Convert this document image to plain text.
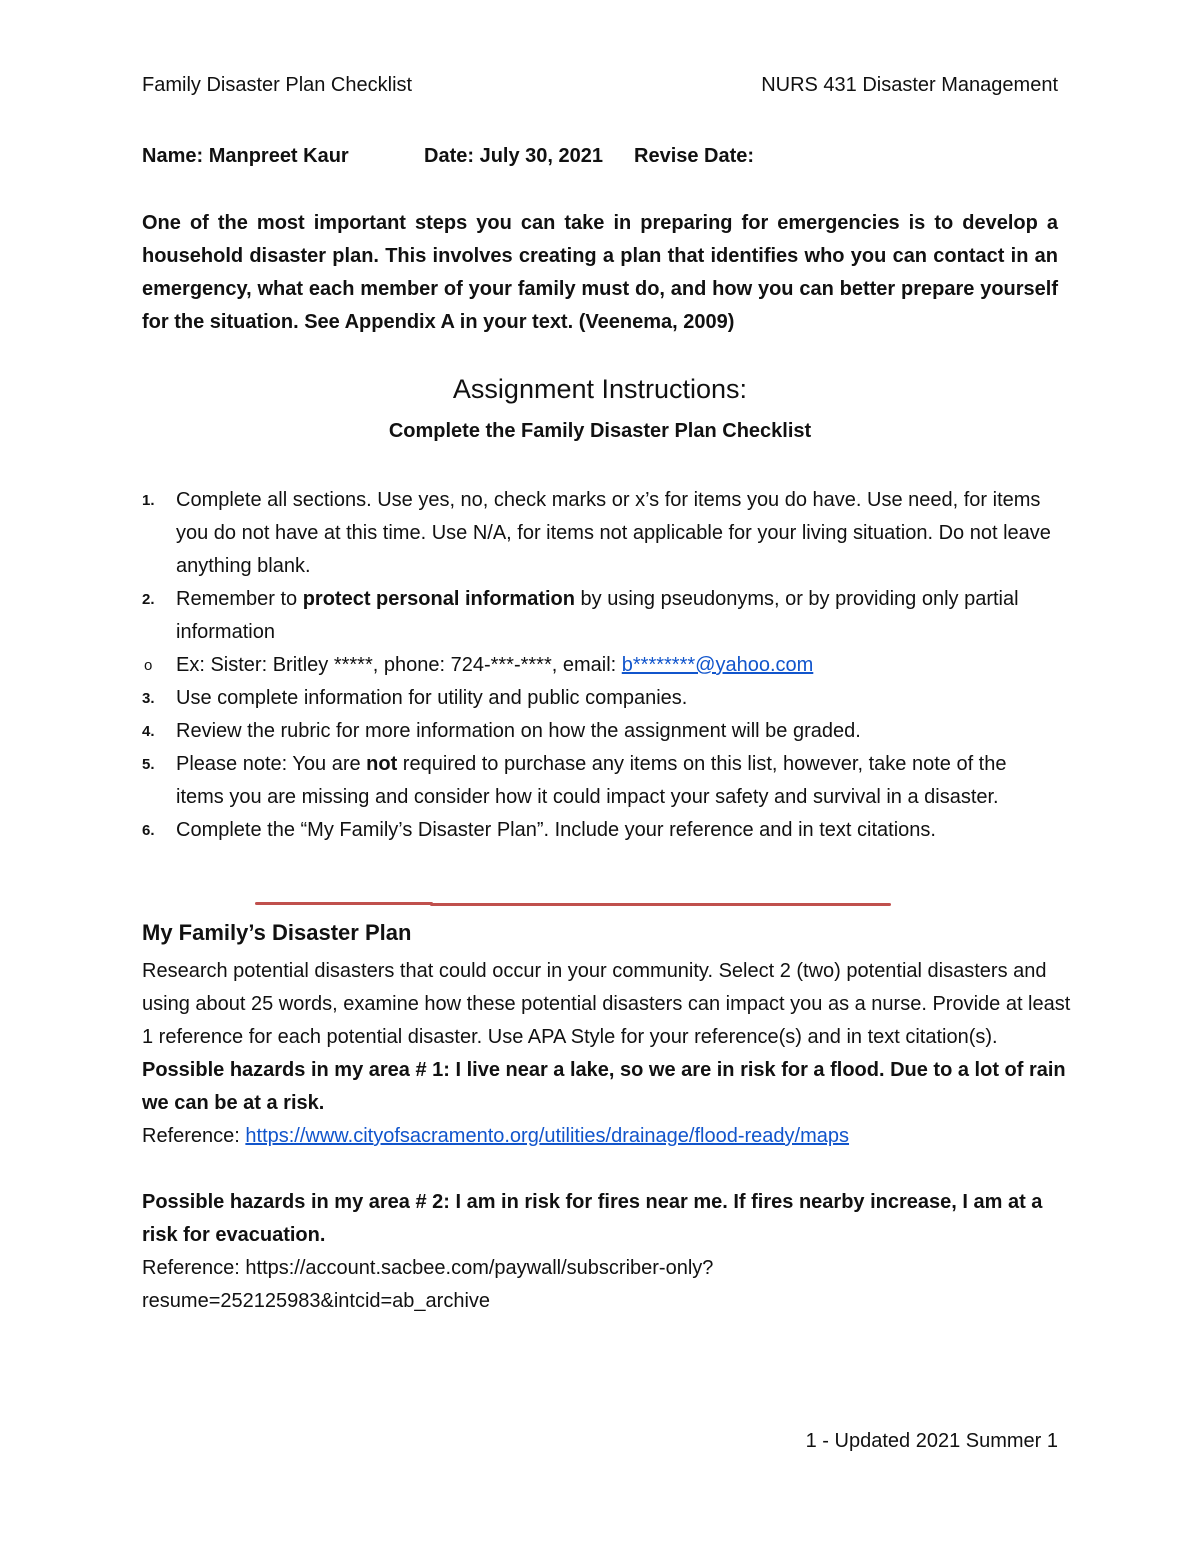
Family Disaster Plan Checklist	NURS 431 Disaster Management
Name: Manpreet Kaur	Date: July 30, 2021 Revise Date:
One of the most important steps you can take in preparing for emergencies is to develop a household disaster plan. This involves creating a plan that identifies who you can contact in an emergency, what each member of your family must do, and how you can better prepare yourself for the situation. See Appendix A in your text. (Veenema, 2009)
Assignment Instructions:
Complete the Family Disaster Plan Checklist
1. Complete all sections. Use yes, no, check marks or x’s for items you do have. Use need, for items you do not have at this time. Use N/A, for items not applicable for your living situation. Do not leave anything blank.
2. Remember to protect personal information by using pseudonyms, or by providing only partial information
o Ex: Sister: Britley *****, phone: 724-***-****, email: b********@yahoo.com
3. Use complete information for utility and public companies.
4. Review the rubric for more information on how the assignment will be graded.
5. Please note: You are not required to purchase any items on this list, however, take note of the items you are missing and consider how it could impact your safety and survival in a disaster.
6. Complete the “My Family’s Disaster Plan”. Include your reference and in text citations.
My Family’s Disaster Plan

Research potential disasters that could occur in your community. Select 2 (two) potential disasters and using about 25 words, examine how these potential disasters can impact you as a nurse. Provide at least 1 reference for each potential disaster. Use APA Style for your reference(s) and in text citation(s).

Possible hazards in my area # 1: I live near a lake, so we are in risk for a flood. Due to a lot of rain we can be at a risk.

Reference: https://www.cityofsacramento.org/utilities/drainage/flood-ready/maps

Possible hazards in my area # 2: I am in risk for fires near me. If fires nearby increase, I am at a risk for evacuation.

Reference: https://account.sacbee.com/paywall/subscriber-only?

resume=252125983&intcid=ab_archive

1 - Updated 2021 Summer 1
